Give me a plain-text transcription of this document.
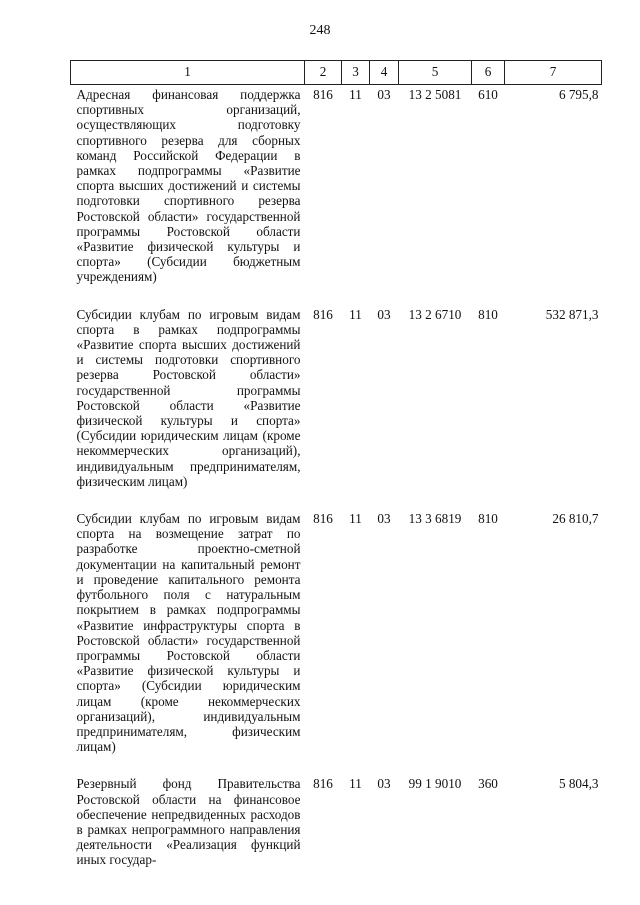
248
1	2	3	4	5	6	7
Адресная финансовая поддержка спортивных организаций, осуществляющих подготовку спортивного резерва для сборных команд Российской Федерации в рамках подпрограммы «Развитие спорта высших достижений и системы подготовки спортивного резерва Ростовской области» государственной программы Ростовской области «Развитие физической культуры и спорта» (Субсидии бюджетным учреждениям)	816	11	03	13 2 5081	610	6 795,8
Субсидии клубам по игровым видам спорта в рамках подпрограммы «Развитие спорта высших достижений и системы подготовки спортивного резерва Ростовской области» государственной программы Ростовской области «Развитие физической культуры и спорта» (Субсидии юридическим лицам (кроме некоммерческих организаций), индивидуальным предпринимателям, физическим лицам)	816	11	03	13 2 6710	810	532 871,3
Субсидии клубам по игровым видам спорта на возмещение затрат по разработке проектно-сметной документации на капитальный ремонт и проведение капитального ремонта футбольного поля с натуральным покрытием в рамках подпрограммы «Развитие инфраструктуры спорта в Ростовской области» государственной программы Ростовской области «Развитие физической культуры и спорта» (Субсидии юридическим лицам (кроме некоммерческих организаций), индивидуальным предпринимателям, физическим лицам)	816	11	03	13 3 6819	810	26 810,7
Резервный фонд Правительства Ростовской области на финансовое обеспечение непредвиденных расходов в рамках непрограммного направления деятельности «Реализация функций иных государ-	816	11	03	99 1 9010	360	5 804,3
